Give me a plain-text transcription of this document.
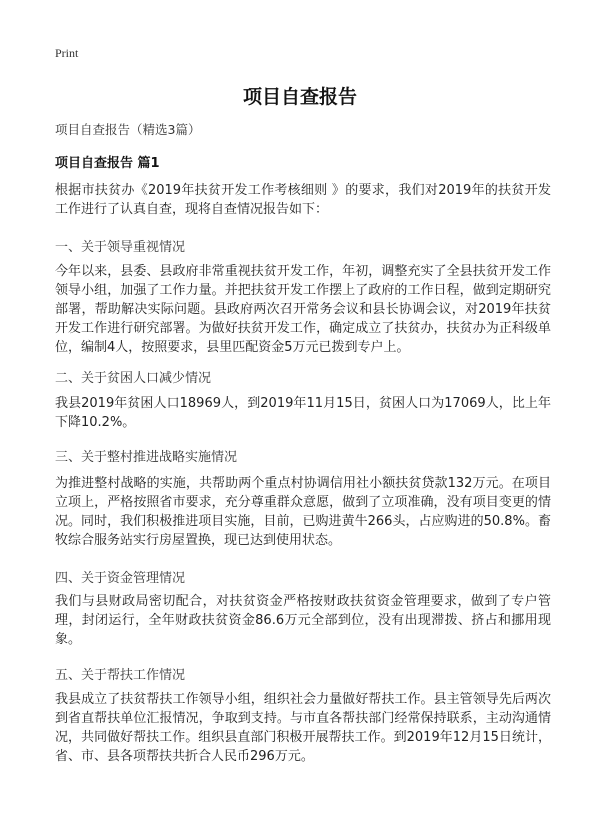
Print
项目自查报告
项目自查报告（精选3篇）
项目自查报告 篇1
根据市扶贫办《2019年扶贫开发工作考核细则 》的要求，我们对2019年的扶贫开发工作进行了认真自查，现将自查情况报告如下：
一、关于领导重视情况
今年以来，县委、县政府非常重视扶贫开发工作，年初，调整充实了全县扶贫开发工作领导小组，加强了工作力量。并把扶贫开发工作摆上了政府的工作日程，做到定期研究部署，帮助解决实际问题。县政府两次召开常务会议和县长协调会议，对2019年扶贫开发工作进行研究部署。为做好扶贫开发工作，确定成立了扶贫办，扶贫办为正科级单位，编制4人，按照要求，县里匹配资金5万元已拨到专户上。
二、关于贫困人口减少情况
我县2019年贫困人口18969人，到2019年11月15日，贫困人口为17069人，比上年下降10.2%。
三、关于整村推进战略实施情况
为推进整村战略的实施，共帮助两个重点村协调信用社小额扶贫贷款132万元。在项目立项上，严格按照省市要求，充分尊重群众意愿，做到了立项准确，没有项目变更的情况。同时，我们积极推进项目实施，目前，已购进黄牛266头，占应购进的50.8%。畜牧综合服务站实行房屋置换，现已达到使用状态。
四、关于资金管理情况
我们与县财政局密切配合，对扶贫资金严格按财政扶贫资金管理要求，做到了专户管理，封闭运行，全年财政扶贫资金86.6万元全部到位，没有出现滞拨、挤占和挪用现象。
五、关于帮扶工作情况
我县成立了扶贫帮扶工作领导小组，组织社会力量做好帮扶工作。县主管领导先后两次到省直帮扶单位汇报情况，争取到支持。与市直各帮扶部门经常保持联系，主动沟通情况，共同做好帮扶工作。组织县直部门积极开展帮扶工作。到2019年12月15日统计，省、市、县各项帮扶共折合人民币296万元。
